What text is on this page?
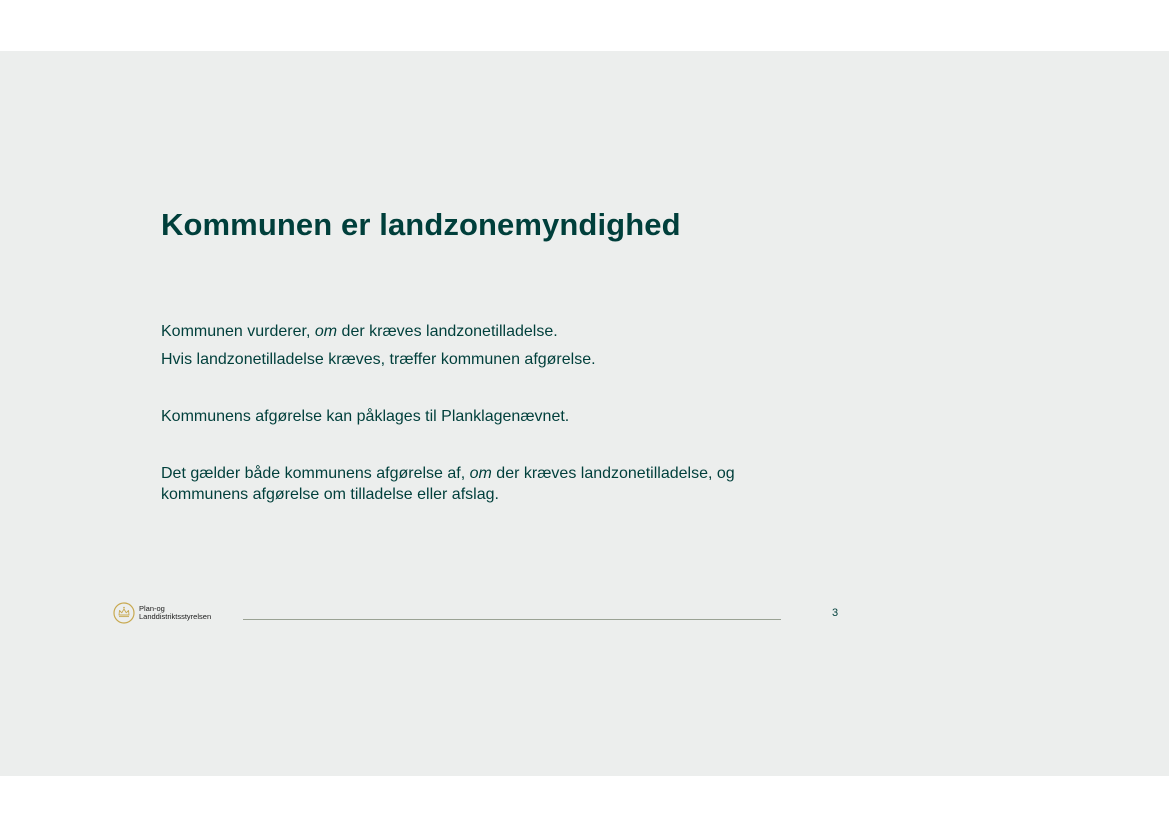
Kommunen er landzonemyndighed

Kommunen vurderer, om der kræves landzonetilladelse.

Hvis landzonetilladelse kræves, træffer kommunen afgørelse.

Kommunens afgørelse kan påklages til Planklagenævnet.

Det gælder både kommunens afgørelse af, om der kræves landzonetilladelse, og

kommunens afgørelse om tilladelse eller afslag.

Plan-og
Landdistriktsstyrelsen	3
